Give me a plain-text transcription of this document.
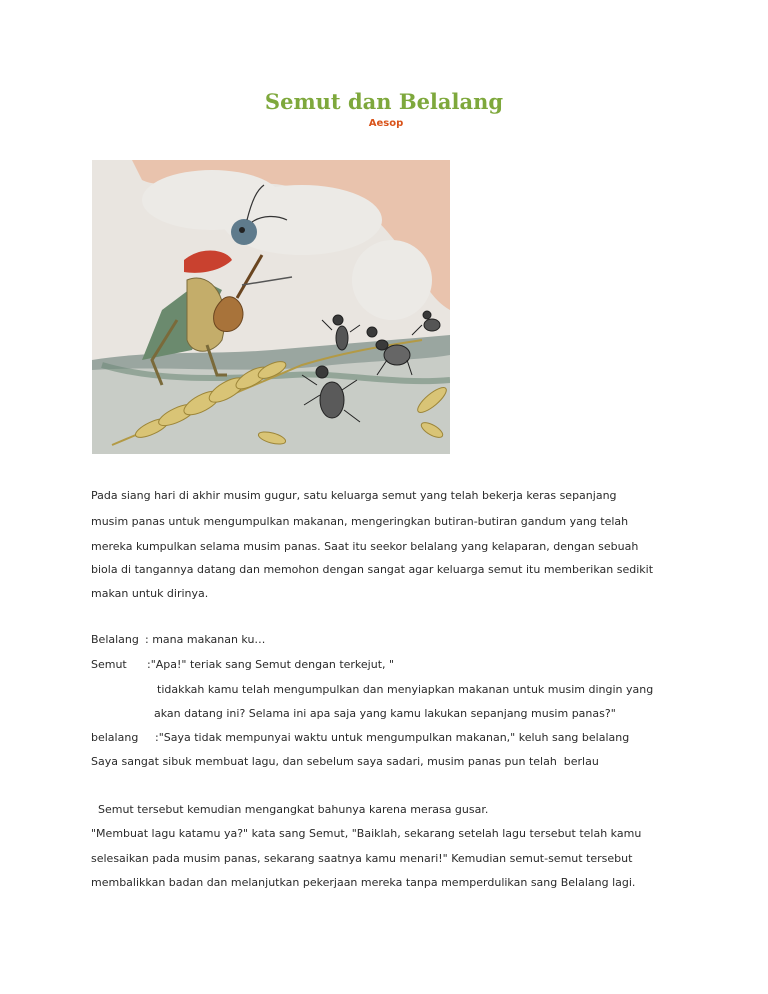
Semut dan Belalang
Aesop
Pada siang hari di akhir musim gugur, satu keluarga semut yang telah bekerja keras sepanjang
musim panas untuk mengumpulkan makanan, mengeringkan butiran-butiran gandum yang telah
mereka kumpulkan selama musim panas. Saat itu seekor belalang yang kelaparan, dengan sebuah
biola di tangannya datang dan memohon dengan sangat agar keluarga semut itu memberikan sedikit
makan untuk dirinya.
Belalang : mana makanan ku…
Semut :"Apa!" teriak sang Semut dengan terkejut, "
tidakkah kamu telah mengumpulkan dan menyiapkan makanan untuk musim dingin yang
akan datang ini? Selama ini apa saja yang kamu lakukan sepanjang musim panas?"
belalang :"Saya tidak mempunyai waktu untuk mengumpulkan makanan," keluh sang belalang
Saya sangat sibuk membuat lagu, dan sebelum saya sadari, musim panas pun telah  berlau
Semut tersebut kemudian mengangkat bahunya karena merasa gusar.
"Membuat lagu katamu ya?" kata sang Semut, "Baiklah, sekarang setelah lagu tersebut telah kamu
selesaikan pada musim panas, sekarang saatnya kamu menari!" Kemudian semut-semut tersebut
membalikkan badan dan melanjutkan pekerjaan mereka tanpa memperdulikan sang Belalang lagi.
